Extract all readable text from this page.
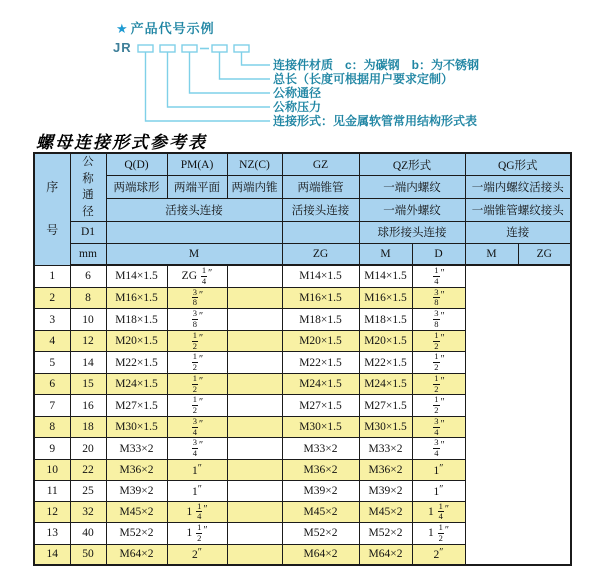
★ 产品代号示例
JR
连接件材质　c：为碳钢　b：为不锈钢
总长（长度可根据用户要求定制）
公称通径
公称压力
连接形式：见金属软管常用结构形式表
螺母连接形式参考表
序号	公称通径	Q(D)	PM(A)	NZ(C)	GZ	QZ形式		QG形式	
		两端球形	两端平面	两端内锥	两端锥管	一端内螺纹		一端内螺纹活接头	
		活接头连接			活接头连接	一端外螺纹		一端锥管螺纹接头	
	D1					球形接头连接		连接	
	mm	M			ZG	M	D	M	ZG
1	6	M14×1.5	ZG $\frac{1}{4}$ ″		M14×1.5	M14×1.5	$\frac{1}{4}$ ″		
2	8	M16×1.5	$\frac{3}{8}$ ″		M16×1.5	M16×1.5	$\frac{3}{8}$ ″		
3	10	M18×1.5	$\frac{3}{8}$ ″		M18×1.5	M18×1.5	$\frac{3}{8}$ ″		
4	12	M20×1.5	$\frac{1}{2}$ ″		M20×1.5	M20×1.5	$\frac{1}{2}$ ″		
5	14	M22×1.5	$\frac{1}{2}$ ″		M22×1.5	M22×1.5	$\frac{1}{2}$ ″		
6	15	M24×1.5	$\frac{1}{2}$ ″		M24×1.5	M24×1.5	$\frac{1}{2}$ ″		
7	16	M27×1.5	$\frac{1}{2}$ ″		M27×1.5	M27×1.5	$\frac{1}{2}$ ″		
8	18	M30×1.5	$\frac{3}{4}$ ″		M30×1.5	M30×1.5	$\frac{3}{4}$ ″		
9	20	M33×2	$\frac{3}{4}$ ″		M33×2	M33×2	$\frac{3}{4}$ ″		
10	22	M36×2	1″		M36×2	M36×2	1″		
11	25	M39×2	1″		M39×2	M39×2	1″		
12	32	M45×2	$1 \frac{1}{4}$ ″		M45×2	M45×2	$1 \frac{1}{4}$ ″		
13	40	M52×2	$1 \frac{1}{2}$ ″		M52×2	M52×2	$1 \frac{1}{2}$ ″		
14	50	M64×2	2″		M64×2	M64×2	2″		
